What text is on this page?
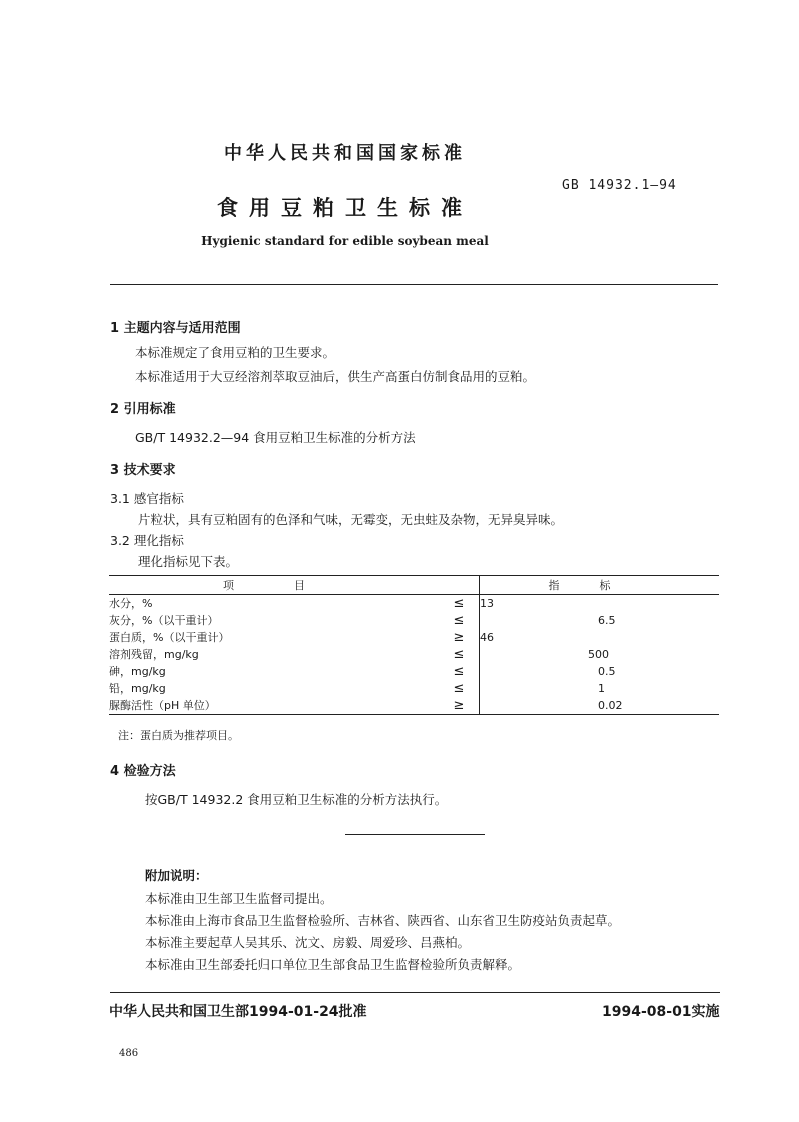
中华人民共和国国家标准
GB 14932.1—94
食用豆粕卫生标准
Hygienic standard for edible soybean meal
1 主题内容与适用范围
本标准规定了食用豆粕的卫生要求。
本标准适用于大豆经溶剂萃取豆油后，供生产高蛋白仿制食品用的豆粕。
2 引用标准
GB/T 14932.2—94 食用豆粕卫生标准的分析方法
3 技术要求
3.1 感官指标
片粒状，具有豆粕固有的色泽和气味，无霉变，无虫蛀及杂物，无异臭异味。
3.2 理化指标
理化指标见下表。
项目		指标
水分，%	≤	13
灰分，%（以干重计）	≤	6.5
蛋白质，%（以干重计）	≥	46
溶剂残留，mg/kg	≤	500
砷，mg/kg	≤	0.5
铅，mg/kg	≤	1
脲酶活性（pH 单位）	≥	0.02
注：蛋白质为推荐项目。
4 检验方法
按GB/T 14932.2 食用豆粕卫生标准的分析方法执行。
附加说明：
本标准由卫生部卫生监督司提出。
本标准由上海市食品卫生监督检验所、吉林省、陕西省、山东省卫生防疫站负责起草。
本标准主要起草人吴其乐、沈文、房毅、周爱珍、吕燕柏。
本标准由卫生部委托归口单位卫生部食品卫生监督检验所负责解释。
中华人民共和国卫生部1994-01-24批准	1994-08-01实施
486
